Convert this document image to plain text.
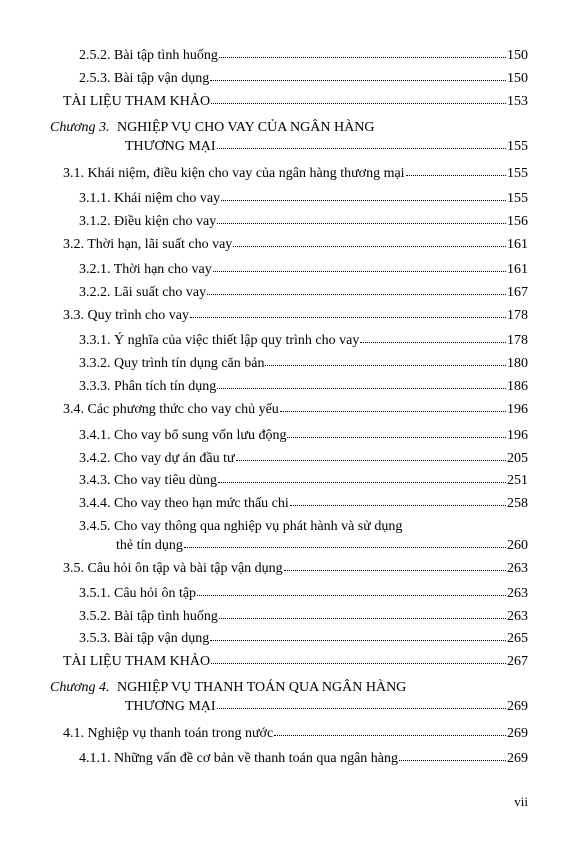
2.5.2. Bài tập tình huống	150
2.5.3. Bài tập vận dụng	150
TÀI LIỆU THAM KHẢO	153
Chương 3. NGHIỆP VỤ CHO VAY CỦA NGÂN HÀNG
THƯƠNG MẠI	155
3.1. Khái niệm, điều kiện cho vay của ngân hàng thương mại	155
3.1.1. Khái niệm cho vay	155
3.1.2. Điều kiện cho vay	156
3.2. Thời hạn, lãi suất cho vay	161
3.2.1. Thời hạn cho vay	161
3.2.2. Lãi suất cho vay	167
3.3. Quy trình cho vay	178
3.3.1. Ý nghĩa của việc thiết lập quy trình cho vay	178
3.3.2. Quy trình tín dụng căn bản	180
3.3.3. Phân tích tín dụng	186
3.4. Các phương thức cho vay chủ yếu	196
3.4.1. Cho vay bổ sung vốn lưu động	196
3.4.2. Cho vay dự án đầu tư	205
3.4.3. Cho vay tiêu dùng	251
3.4.4. Cho vay theo hạn mức thấu chi	258
3.4.5. Cho vay thông qua nghiệp vụ phát hành và sử dụng
thẻ tín dụng	260
3.5. Câu hỏi ôn tập và bài tập vận dụng	263
3.5.1. Câu hỏi ôn tập	263
3.5.2. Bài tập tình huống	263
3.5.3. Bài tập vận dụng	265
TÀI LIỆU THAM KHẢO	267
Chương 4. NGHIỆP VỤ THANH TOÁN QUA NGÂN HÀNG
THƯƠNG MẠI	269
4.1. Nghiệp vụ thanh toán trong nước	269
4.1.1. Những vấn đề cơ bản về thanh toán qua ngân hàng	269
vii
